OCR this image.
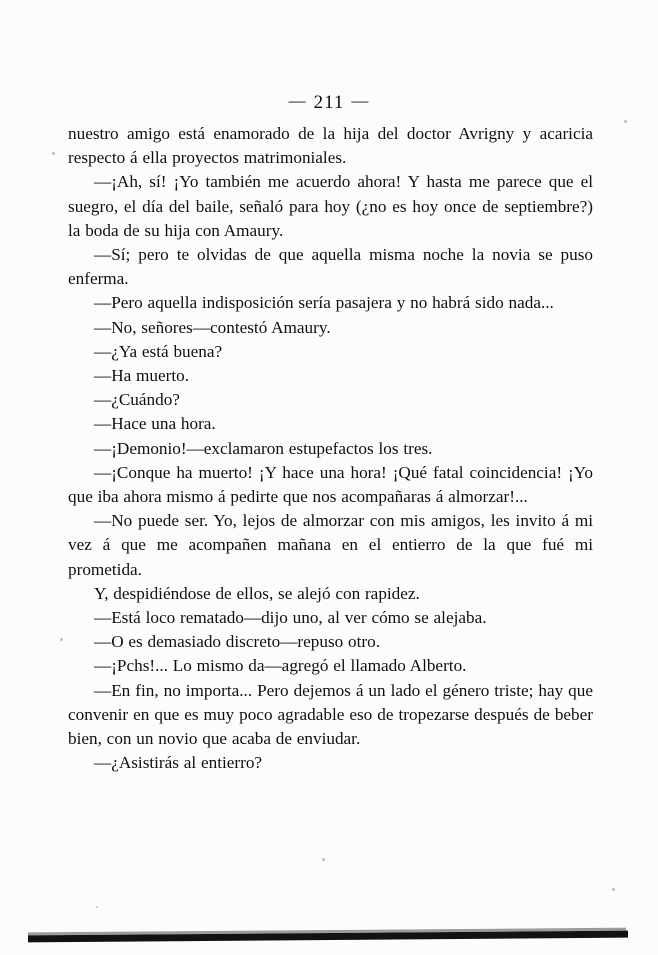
— 211 —

nuestro amigo está enamorado de la hija del doctor Avrigny y acaricia respecto á ella proyectos matrimoniales.

—¡Ah, sí! ¡Yo también me acuerdo ahora! Y hasta me parece que el suegro, el día del baile, señaló para hoy (¿no es hoy once de septiembre?) la boda de su hija con Amaury.

—Sí; pero te olvidas de que aquella misma noche la novia se puso enferma.

—Pero aquella indisposición sería pasajera y no habrá sido nada...

—No, señores—contestó Amaury.

—¿Ya está buena?

—Ha muerto.

—¿Cuándo?

—Hace una hora.

—¡Demonio!—exclamaron estupefactos los tres.

—¡Conque ha muerto! ¡Y hace una hora! ¡Qué fatal coincidencia! ¡Yo que iba ahora mismo á pedirte que nos acompañaras á almorzar!...

—No puede ser. Yo, lejos de almorzar con mis amigos, les invito á mi vez á que me acompañen mañana en el entierro de la que fué mi prometida.

Y, despidiéndose de ellos, se alejó con rapidez.

—Está loco rematado—dijo uno, al ver cómo se alejaba.

—O es demasiado discreto—repuso otro.

—¡Pchs!... Lo mismo da—agregó el llamado Alberto.

—En fin, no importa... Pero dejemos á un lado el género triste; hay que convenir en que es muy poco agradable eso de tropezarse después de beber bien, con un novio que acaba de enviudar.

—¿Asistirás al entierro?
